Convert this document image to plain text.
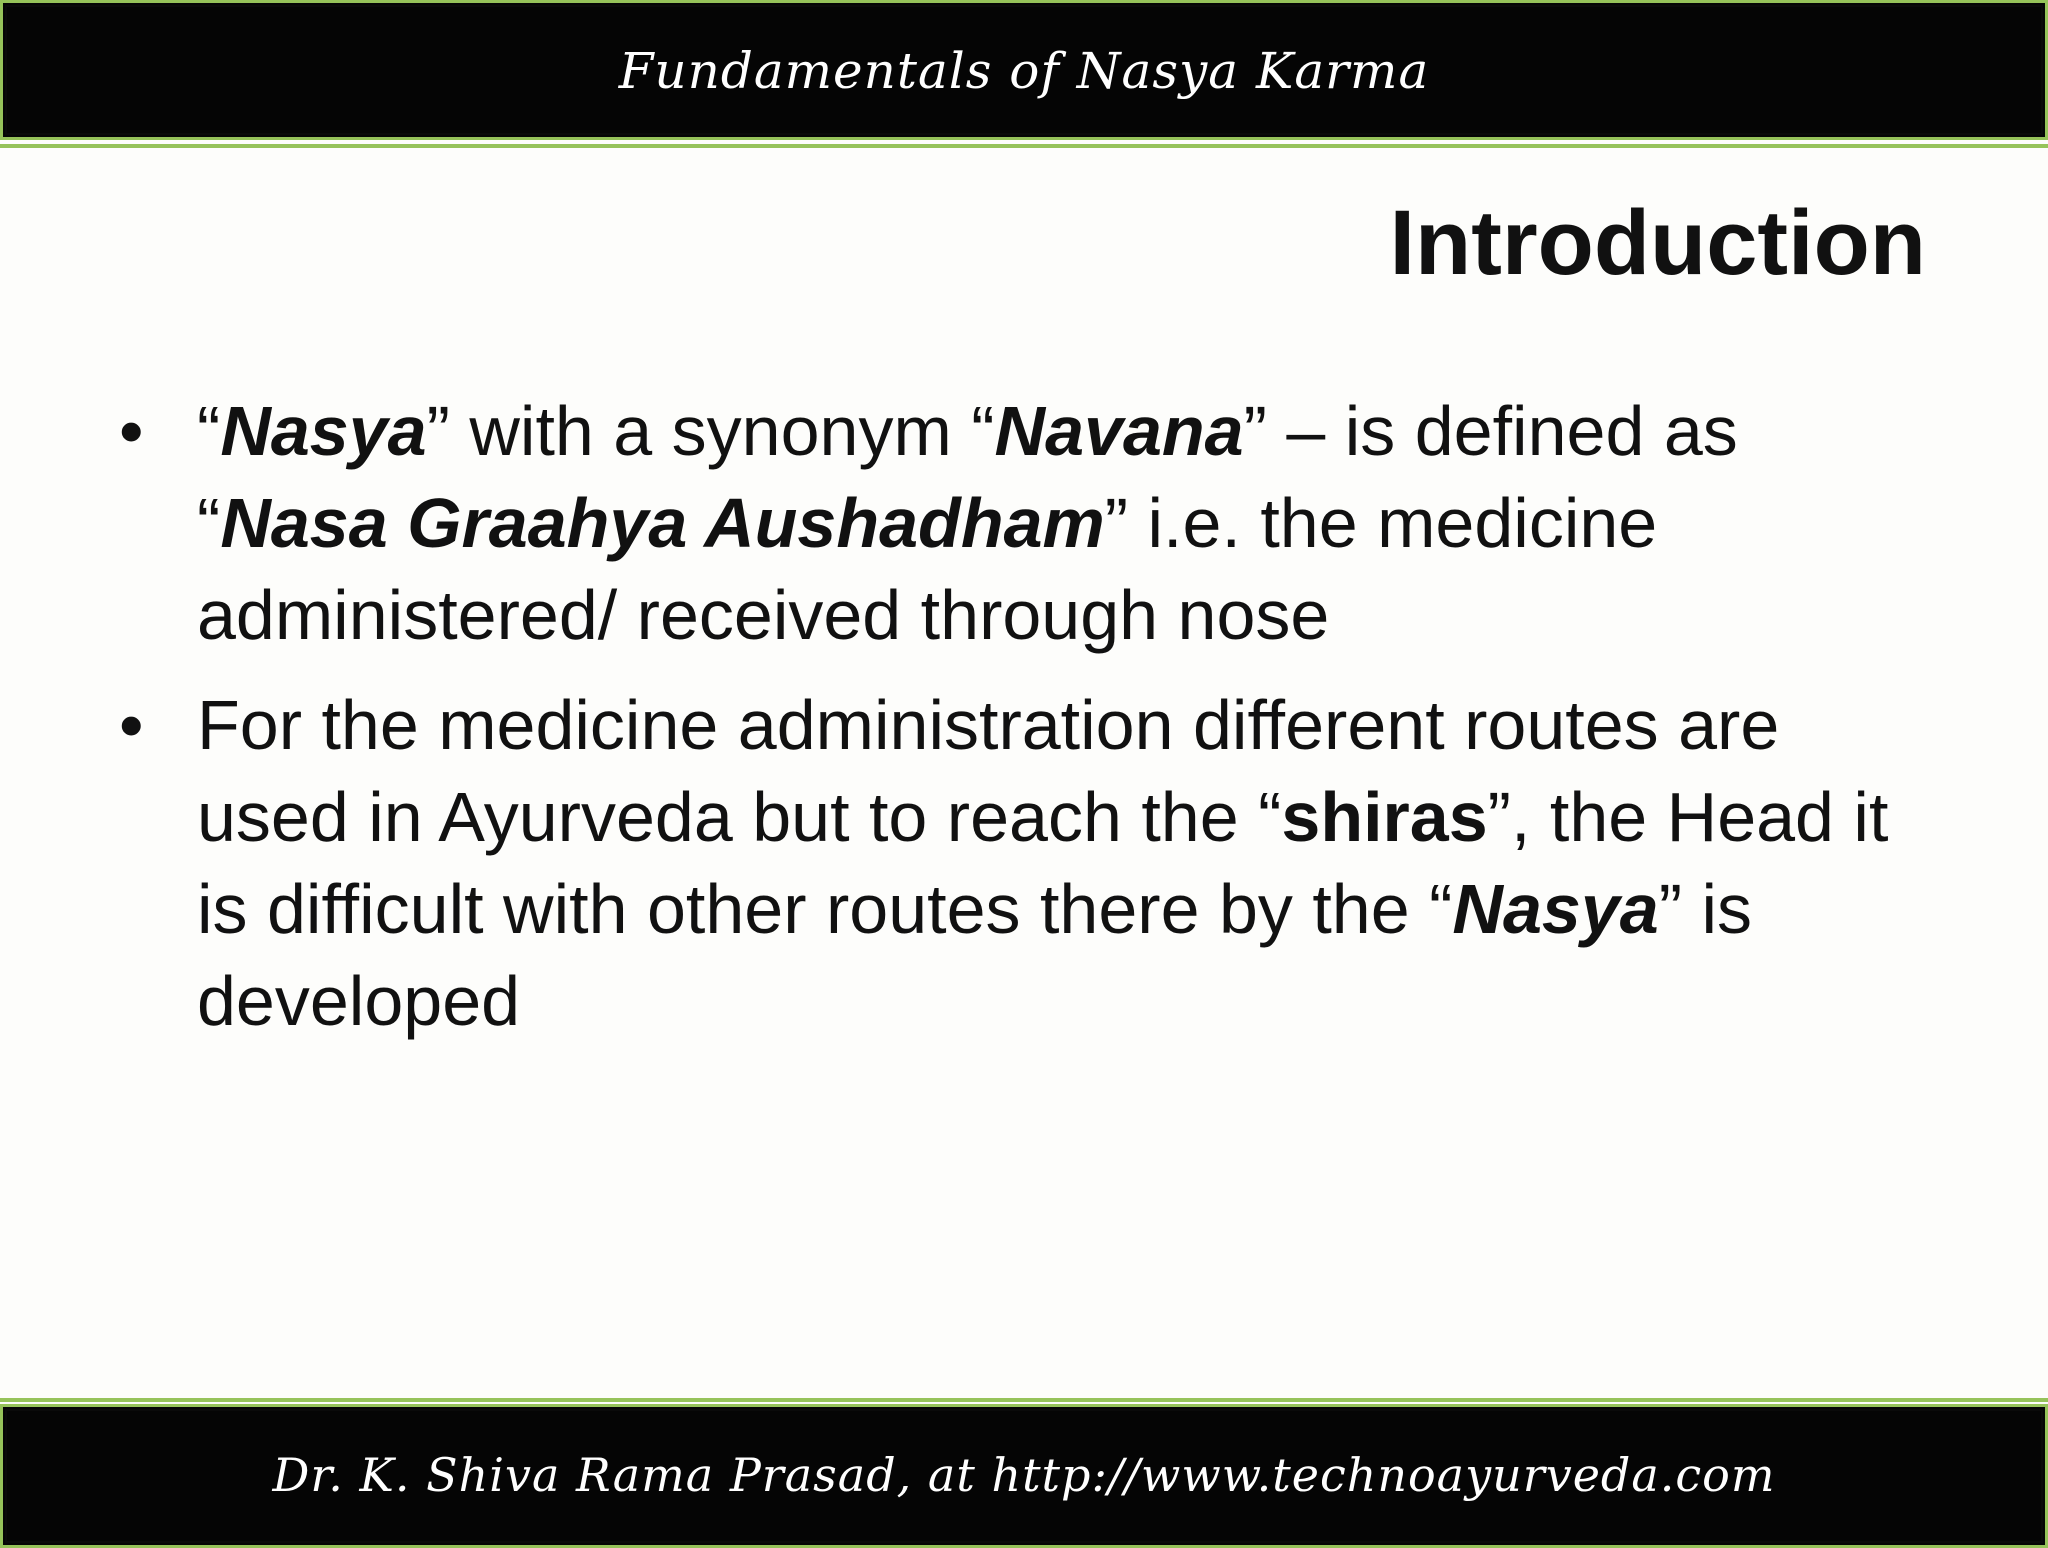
Fundamentals of Nasya Karma
Introduction
• “Nasya” with a synonym “Navana” – is defined as “Nasa Graahya Aushadham” i.e. the medicine administered/ received through nose
• For the medicine administration different routes are used in Ayurveda but to reach the “shiras”, the Head it is difficult with other routes there by the “Nasya” is developed
Dr. K. Shiva Rama Prasad, at http://www.technoayurveda.com
